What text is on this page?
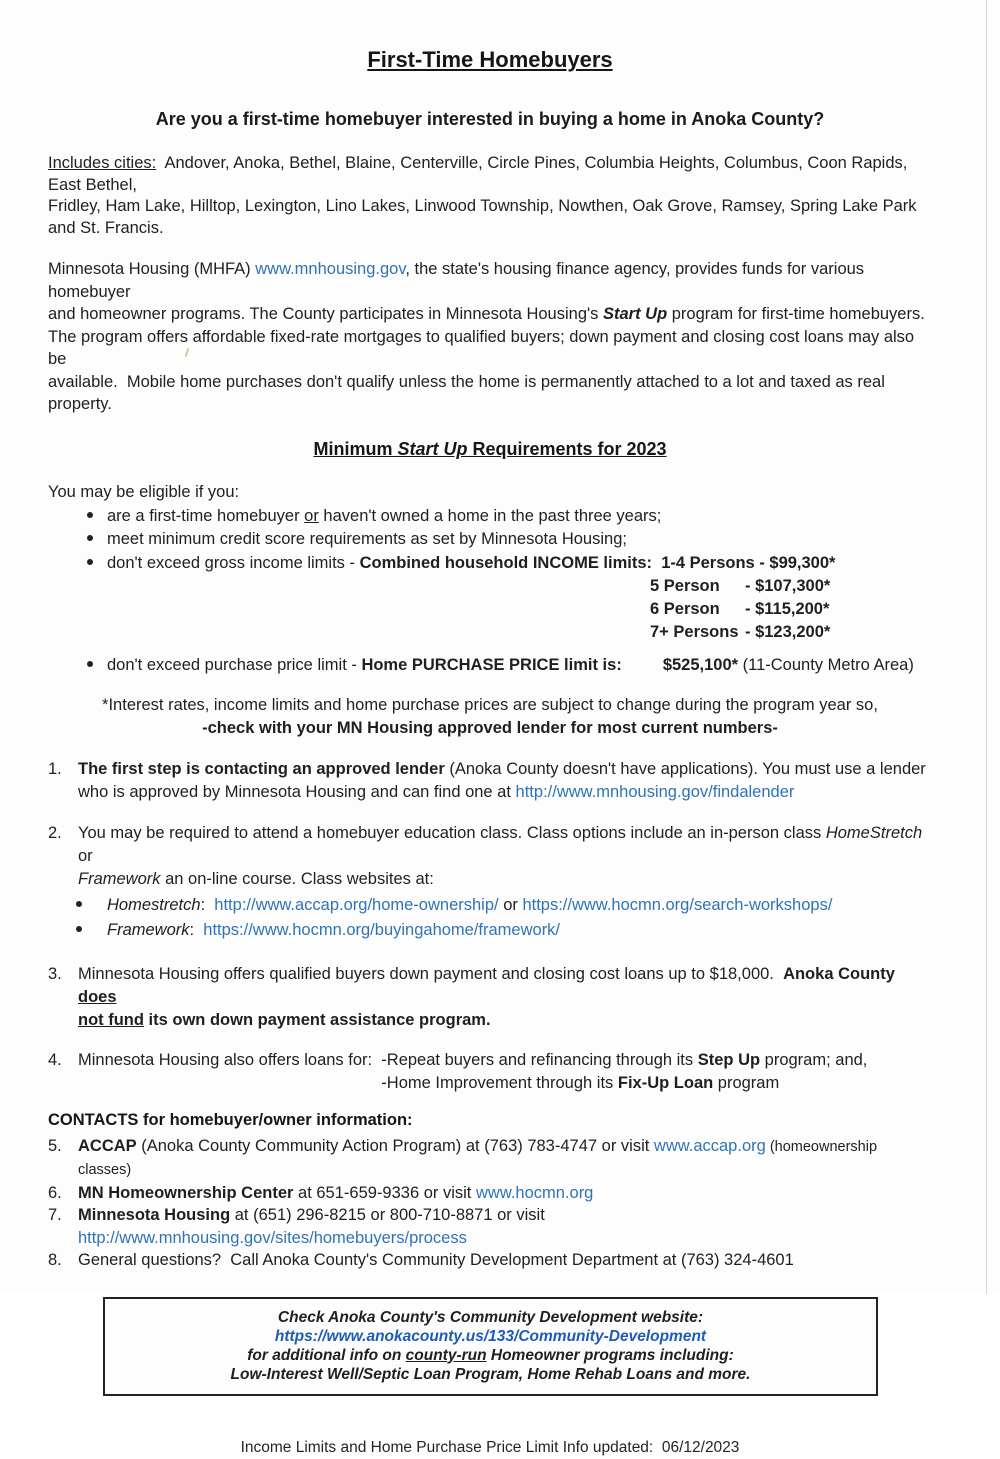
First-Time Homebuyers
Are you a first-time homebuyer interested in buying a home in Anoka County?

Includes cities:  Andover, Anoka, Bethel, Blaine, Centerville, Circle Pines, Columbia Heights, Columbus, Coon Rapids, East Bethel,
Fridley, Ham Lake, Hilltop, Lexington, Lino Lakes, Linwood Township, Nowthen, Oak Grove, Ramsey, Spring Lake Park and St. Francis.

Minnesota Housing (MHFA) www.mnhousing.gov, the state's housing finance agency, provides funds for various homebuyer
and homeowner programs. The County participates in Minnesota Housing's Start Up program for first-time homebuyers.
The program offers affordable fixed-rate mortgages to qualified buyers; down payment and closing cost loans may also be
available.  Mobile home purchases don't qualify unless the home is permanently attached to a lot and taxed as real property.

Minimum Start Up Requirements for 2023

You may be eligible if you:

are a first-time homebuyer or haven't owned a home in the past three years;
meet minimum credit score requirements as set by Minnesota Housing;
don't exceed gross income limits - Combined household INCOME limits: 1-4 Persons - $99,300*
5 Person	- $107,300*
6 Person	- $115,200*
7+ Persons - $123,200*
don't exceed purchase price limit - Home PURCHASE PRICE limit is: $525,100* (11-County Metro Area)
*Interest rates, income limits and home purchase prices are subject to change during the program year so,
-check with your MN Housing approved lender for most current numbers-
1. The first step is contacting an approved lender (Anoka County doesn't have applications). You must use a lender
who is approved by Minnesota Housing and can find one at http://www.mnhousing.gov/findalender
2. You may be required to attend a homebuyer education class. Class options include an in-person class HomeStretch or
Framework an on-line course. Class websites at:
Homestretch:  http://www.accap.org/home-ownership/ or https://www.hocmn.org/search-workshops/
Framework:  https://www.hocmn.org/buyingahome/framework/
3. Minnesota Housing offers qualified buyers down payment and closing cost loans up to $18,000.  Anoka County does
not fund its own down payment assistance program.
4. Minnesota Housing also offers loans for:  -Repeat buyers and refinancing through its Step Up program; and,
-Home Improvement through its Fix-Up Loan program

CONTACTS for homebuyer/owner information:

5. ACCAP (Anoka County Community Action Program) at (763) 783-4747 or visit www.accap.org (homeownership classes)
6. MN Homeownership Center at 651-659-9336 or visit www.hocmn.org
7. Minnesota Housing at (651) 296-8215 or 800-710-8871 or visit http://www.mnhousing.gov/sites/homebuyers/process
8. General questions?  Call Anoka County's Community Development Department at (763) 324-4601
Check Anoka County's Community Development website: https://www.anokacounty.us/133/Community-Development
for additional info on county-run Homeowner programs including:
Low-Interest Well/Septic Loan Program, Home Rehab Loans and more.

Income Limits and Home Purchase Price Limit Info updated:  06/12/2023
